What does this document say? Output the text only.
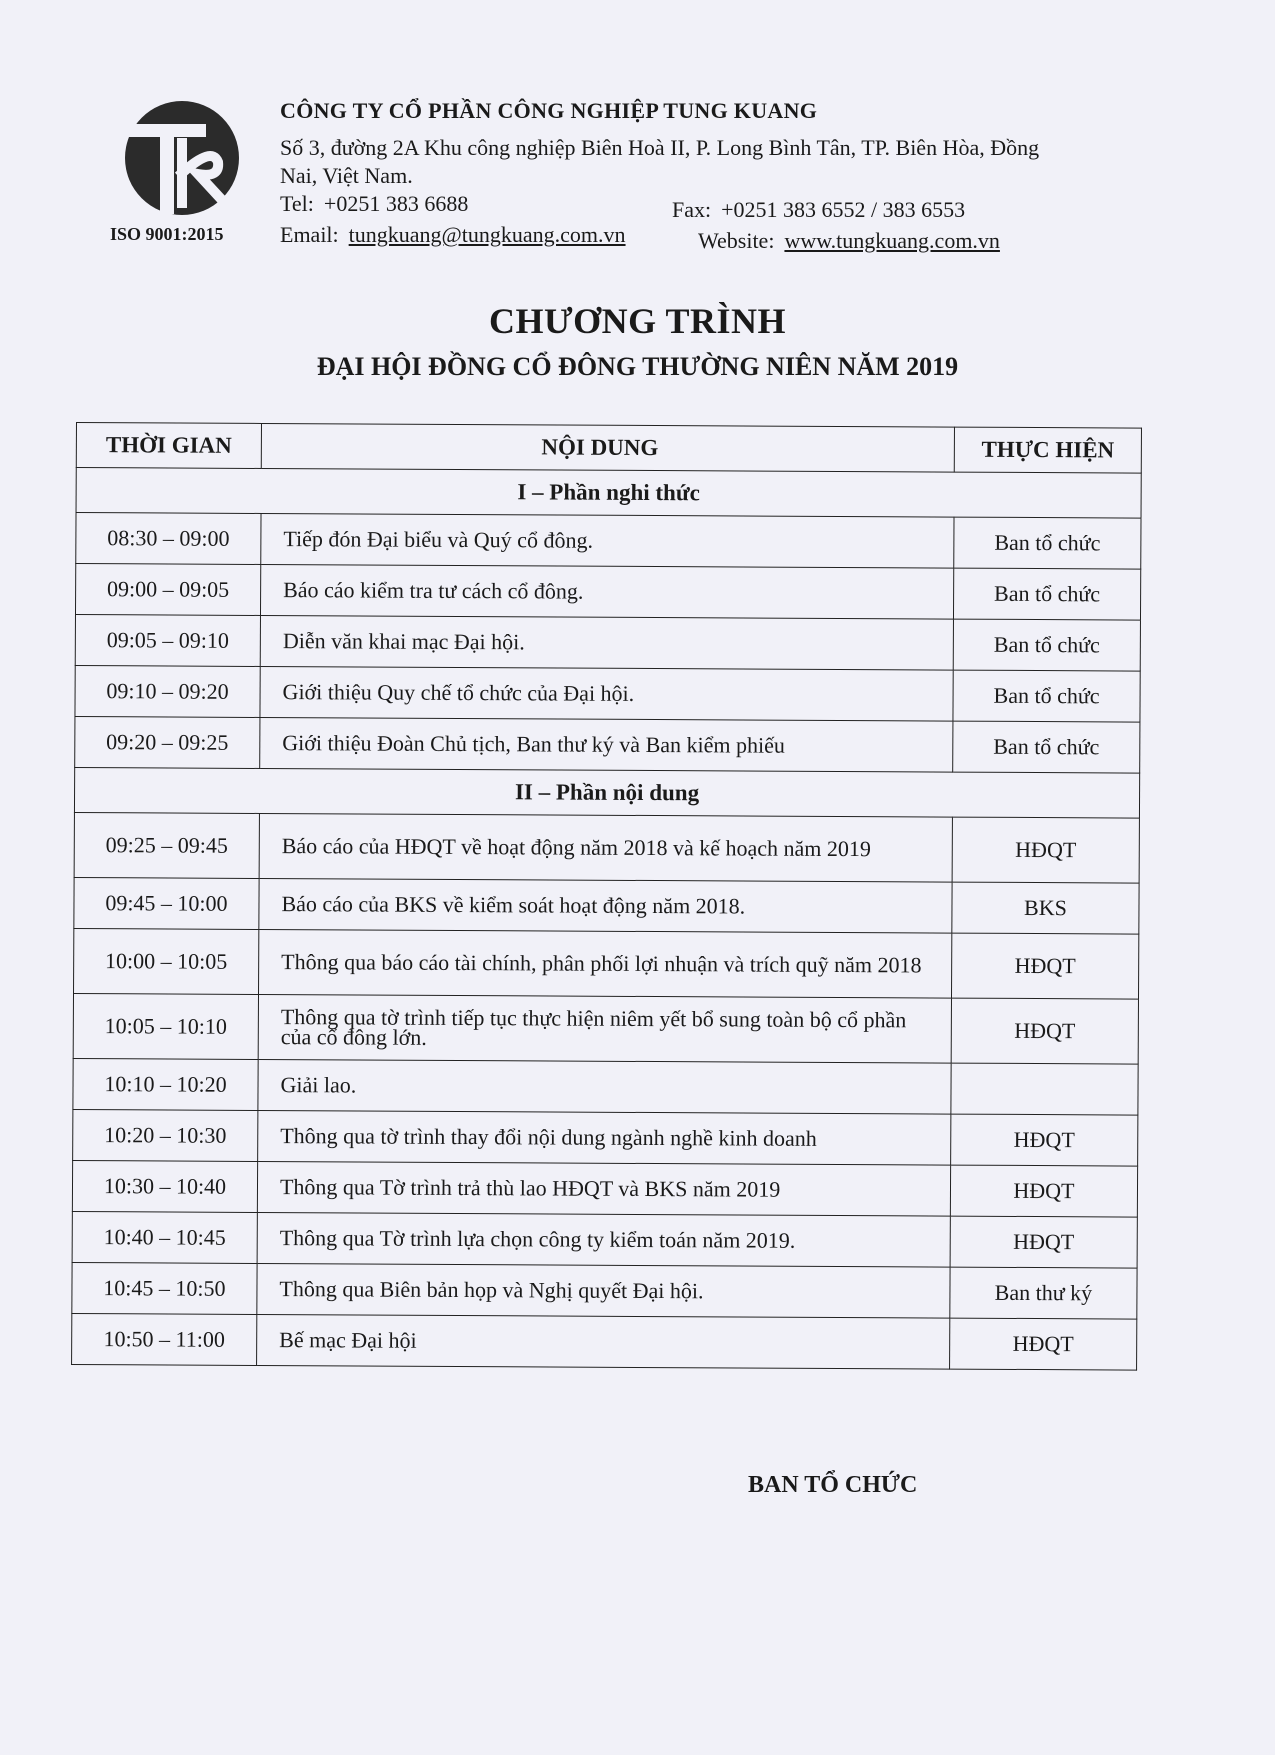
ISO 9001:2015
CÔNG TY CỔ PHẦN CÔNG NGHIỆP TUNG KUANG
Số 3, đường 2A Khu công nghiệp Biên Hoà II, P. Long Bình Tân, TP. Biên Hòa, Đồng Nai, Việt Nam.
Tel: +0251 383 6688	Fax: +0251 383 6552 / 383 6553
Email: tungkuang@tungkuang.com.vn	Website: www.tungkuang.com.vn
CHƯƠNG TRÌNH
ĐẠI HỘI ĐỒNG CỔ ĐÔNG THƯỜNG NIÊN NĂM 2019
THỜI GIAN	NỘI DUNG	THỰC HIỆN
I – Phần nghi thức		
08:30 – 09:00	Tiếp đón Đại biểu và Quý cổ đông.	Ban tổ chức
09:00 – 09:05	Báo cáo kiểm tra tư cách cổ đông.	Ban tổ chức
09:05 – 09:10	Diễn văn khai mạc Đại hội.	Ban tổ chức
09:10 – 09:20	Giới thiệu Quy chế tổ chức của Đại hội.	Ban tổ chức
09:20 – 09:25	Giới thiệu Đoàn Chủ tịch, Ban thư ký và Ban kiểm phiếu	Ban tổ chức
II – Phần nội dung		
09:25 – 09:45	Báo cáo của HĐQT về hoạt động năm 2018 và kế hoạch năm 2019	HĐQT
09:45 – 10:00	Báo cáo của BKS về kiểm soát hoạt động năm 2018.	BKS
10:00 – 10:05	Thông qua báo cáo tài chính, phân phối lợi nhuận và trích quỹ năm 2018	HĐQT
10:05 – 10:10	Thông qua tờ trình tiếp tục thực hiện niêm yết bổ sung toàn bộ cổ phần của cổ đông lớn.	HĐQT
10:10 – 10:20	Giải lao.	
10:20 – 10:30	Thông qua tờ trình thay đổi nội dung ngành nghề kinh doanh	HĐQT
10:30 – 10:40	Thông qua Tờ trình trả thù lao HĐQT và BKS năm 2019	HĐQT
10:40 – 10:45	Thông qua Tờ trình lựa chọn công ty kiểm toán năm 2019.	HĐQT
10:45 – 10:50	Thông qua Biên bản họp và Nghị quyết Đại hội.	Ban thư ký
10:50 – 11:00	Bế mạc Đại hội	HĐQT
BAN TỔ CHỨC
